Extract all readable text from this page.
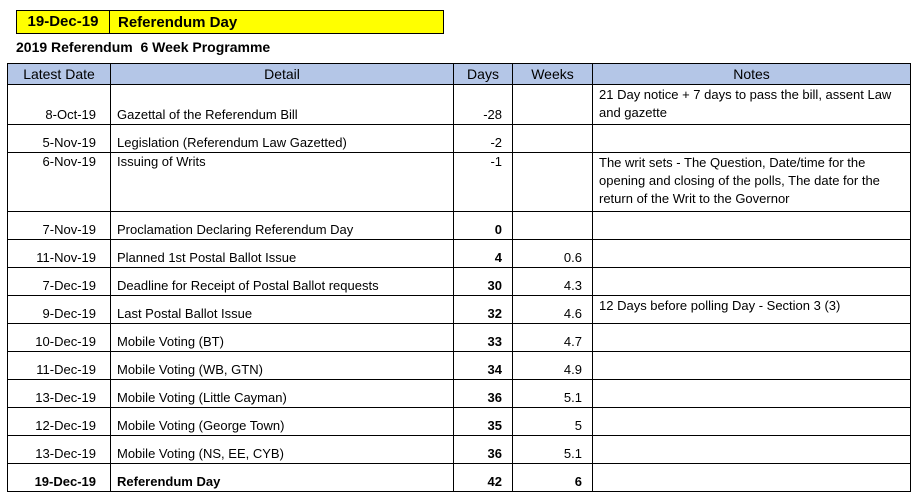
19-Dec-19	Referendum Day
2019 Referendum  6 Week Programme
Latest Date	Detail	Days	Weeks	Notes
8-Oct-19	Gazettal of the Referendum Bill	-28		21 Day notice + 7 days to pass the bill, assent Law and gazette
5-Nov-19	Legislation (Referendum Law Gazetted)	-2		
6-Nov-19	Issuing of Writs	-1		The writ sets - The Question, Date/time for the opening and closing of the polls, The date for the return of the Writ to the Governor
7-Nov-19	Proclamation Declaring Referendum Day	0		
11-Nov-19	Planned 1st Postal Ballot Issue	4	0.6	
7-Dec-19	Deadline for Receipt of Postal Ballot requests	30	4.3	
9-Dec-19	Last Postal Ballot Issue	32	4.6	12 Days before polling Day - Section 3 (3)
10-Dec-19	Mobile Voting (BT)	33	4.7	
11-Dec-19	Mobile Voting (WB, GTN)	34	4.9	
13-Dec-19	Mobile Voting (Little Cayman)	36	5.1	
12-Dec-19	Mobile Voting (George Town)	35	5	
13-Dec-19	Mobile Voting (NS, EE, CYB)	36	5.1	
19-Dec-19	Referendum Day	42	6	
